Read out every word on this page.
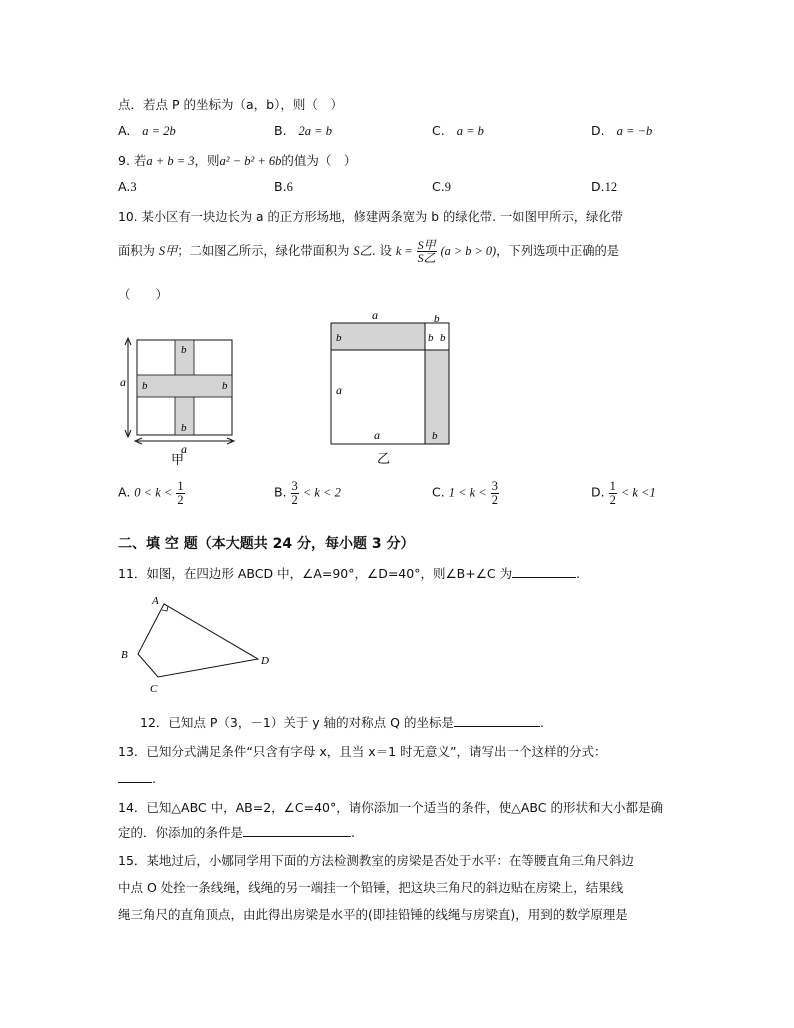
点．若点 P 的坐标为（a，b），则（　）
A. a = 2b	B. 2a = b	C. a = b	D. a = −b
9. 若a + b = 3，则a² − b² + 6b的值为（　）
A.3	B.6	C.9	D.12
10. 某小区有一块边长为 a 的正方形场地，修建两条宽为 b 的绿化带. 一如图甲所示，绿化带
面积为 S甲；二如图乙所示，绿化带面积为 S乙. 设 $k = \frac{\text{S甲}}{\text{S乙}} (a > b > 0)$，下列选项中正确的是
（　　）
a
b
b	b
b
a
甲
a	b
b	b b
a
a	b
乙
A. $0 < k < \frac{1}{2}$	B. $\frac{3}{2} < k < 2$	C. $1 < k < \frac{3}{2}$	D. $\frac{1}{2} < k <1$
二、填 空 题（本大题共 24 分，每小题 3 分）
11．如图，在四边形 ABCD 中，∠A=90°，∠D=40°，则∠B+∠C 为	.
A
B
C
D
12．已知点 P（3，－1）关于 y 轴的对称点 Q 的坐标是	.
13．已知分式满足条件“只含有字母 x，且当 x＝1 时无意义”，请写出一个这样的分式：
.
14．已知△ABC 中，AB=2，∠C=40°，请你添加一个适当的条件，使△ABC 的形状和大小都是确
定的．你添加的条件是	.
15．某地过后，小娜同学用下面的方法检测教室的房梁是否处于水平：在等腰直角三角尺斜边
中点 O 处拴一条线绳，线绳的另一端挂一个铅锤，把这块三角尺的斜边贴在房梁上，结果线
绳三角尺的直角顶点，由此得出房梁是水平的(即挂铅锤的线绳与房梁直)，用到的数学原理是
